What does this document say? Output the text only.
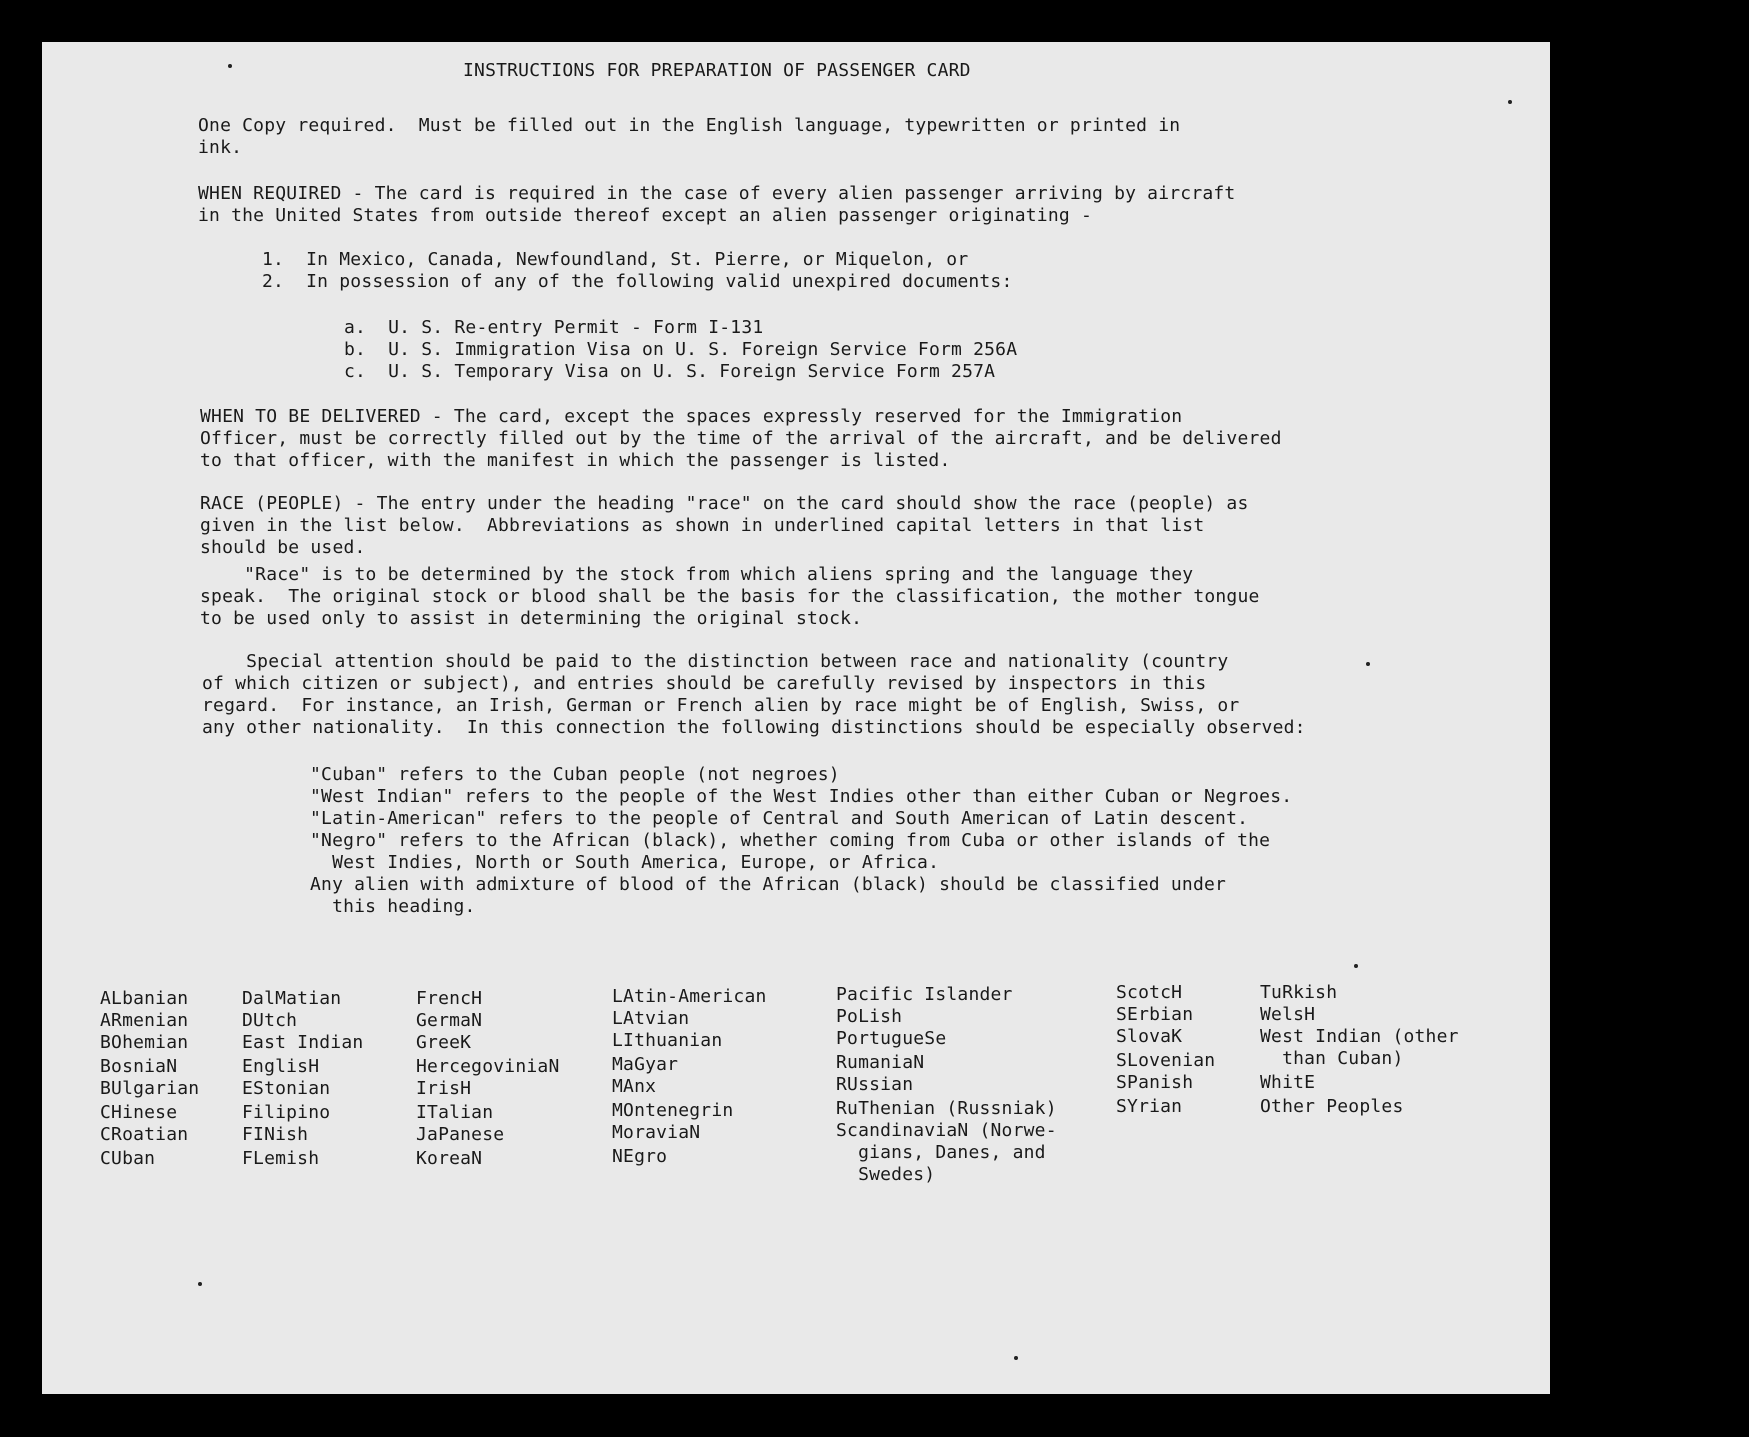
INSTRUCTIONS FOR PREPARATION OF PASSENGER CARD
One Copy required.  Must be filled out in the English language, typewritten or printed in
ink.
WHEN REQUIRED - The card is required in the case of every alien passenger arriving by aircraft
in the United States from outside thereof except an alien passenger originating -
1.  In Mexico, Canada, Newfoundland, St. Pierre, or Miquelon, or
2.  In possession of any of the following valid unexpired documents:
a.  U. S. Re-entry Permit - Form I-131
b.  U. S. Immigration Visa on U. S. Foreign Service Form 256A
c.  U. S. Temporary Visa on U. S. Foreign Service Form 257A
WHEN TO BE DELIVERED - The card, except the spaces expressly reserved for the Immigration
Officer, must be correctly filled out by the time of the arrival of the aircraft, and be delivered
to that officer, with the manifest in which the passenger is listed.
RACE (PEOPLE) - The entry under the heading "race" on the card should show the race (people) as
given in the list below.  Abbreviations as shown in underlined capital letters in that list
should be used.
"Race" is to be determined by the stock from which aliens spring and the language they
speak.  The original stock or blood shall be the basis for the classification, the mother tongue
to be used only to assist in determining the original stock.
Special attention should be paid to the distinction between race and nationality (country
of which citizen or subject), and entries should be carefully revised by inspectors in this
regard.  For instance, an Irish, German or French alien by race might be of English, Swiss, or
any other nationality.  In this connection the following distinctions should be especially observed:
"Cuban" refers to the Cuban people (not negroes)
"West Indian" refers to the people of the West Indies other than either Cuban or Negroes.
"Latin-American" refers to the people of Central and South American of Latin descent.
"Negro" refers to the African (black), whether coming from Cuba or other islands of the
West Indies, North or South America, Europe, or Africa.
Any alien with admixture of blood of the African (black) should be classified under
this heading.
ALbanian
ARmenian
BOhemian
BosniaN
BUlgarian
CHinese
CRoatian
CUban
DalMatian
DUtch
East Indian
EnglisH
EStonian
Filipino
FINish
FLemish
FrencH
GermaN
GreeK
HercegoviniaN
IrisH
ITalian
JaPanese
KoreaN
LAtin-American
LAtvian
LIthuanian
MaGyar
MAnx
MOntenegrin
MoraviaN
NEgro
Pacific Islander
PoLish
PortugueSe
RumaniaN
RUssian
RuThenian (Russniak)
ScandinaviaN (Norwe-
gians, Danes, and
Swedes)
ScotcH
SErbian
SlovaK
SLovenian
SPanish
SYrian
TuRkish
WelsH
West Indian (other
than Cuban)
WhitE
Other Peoples
